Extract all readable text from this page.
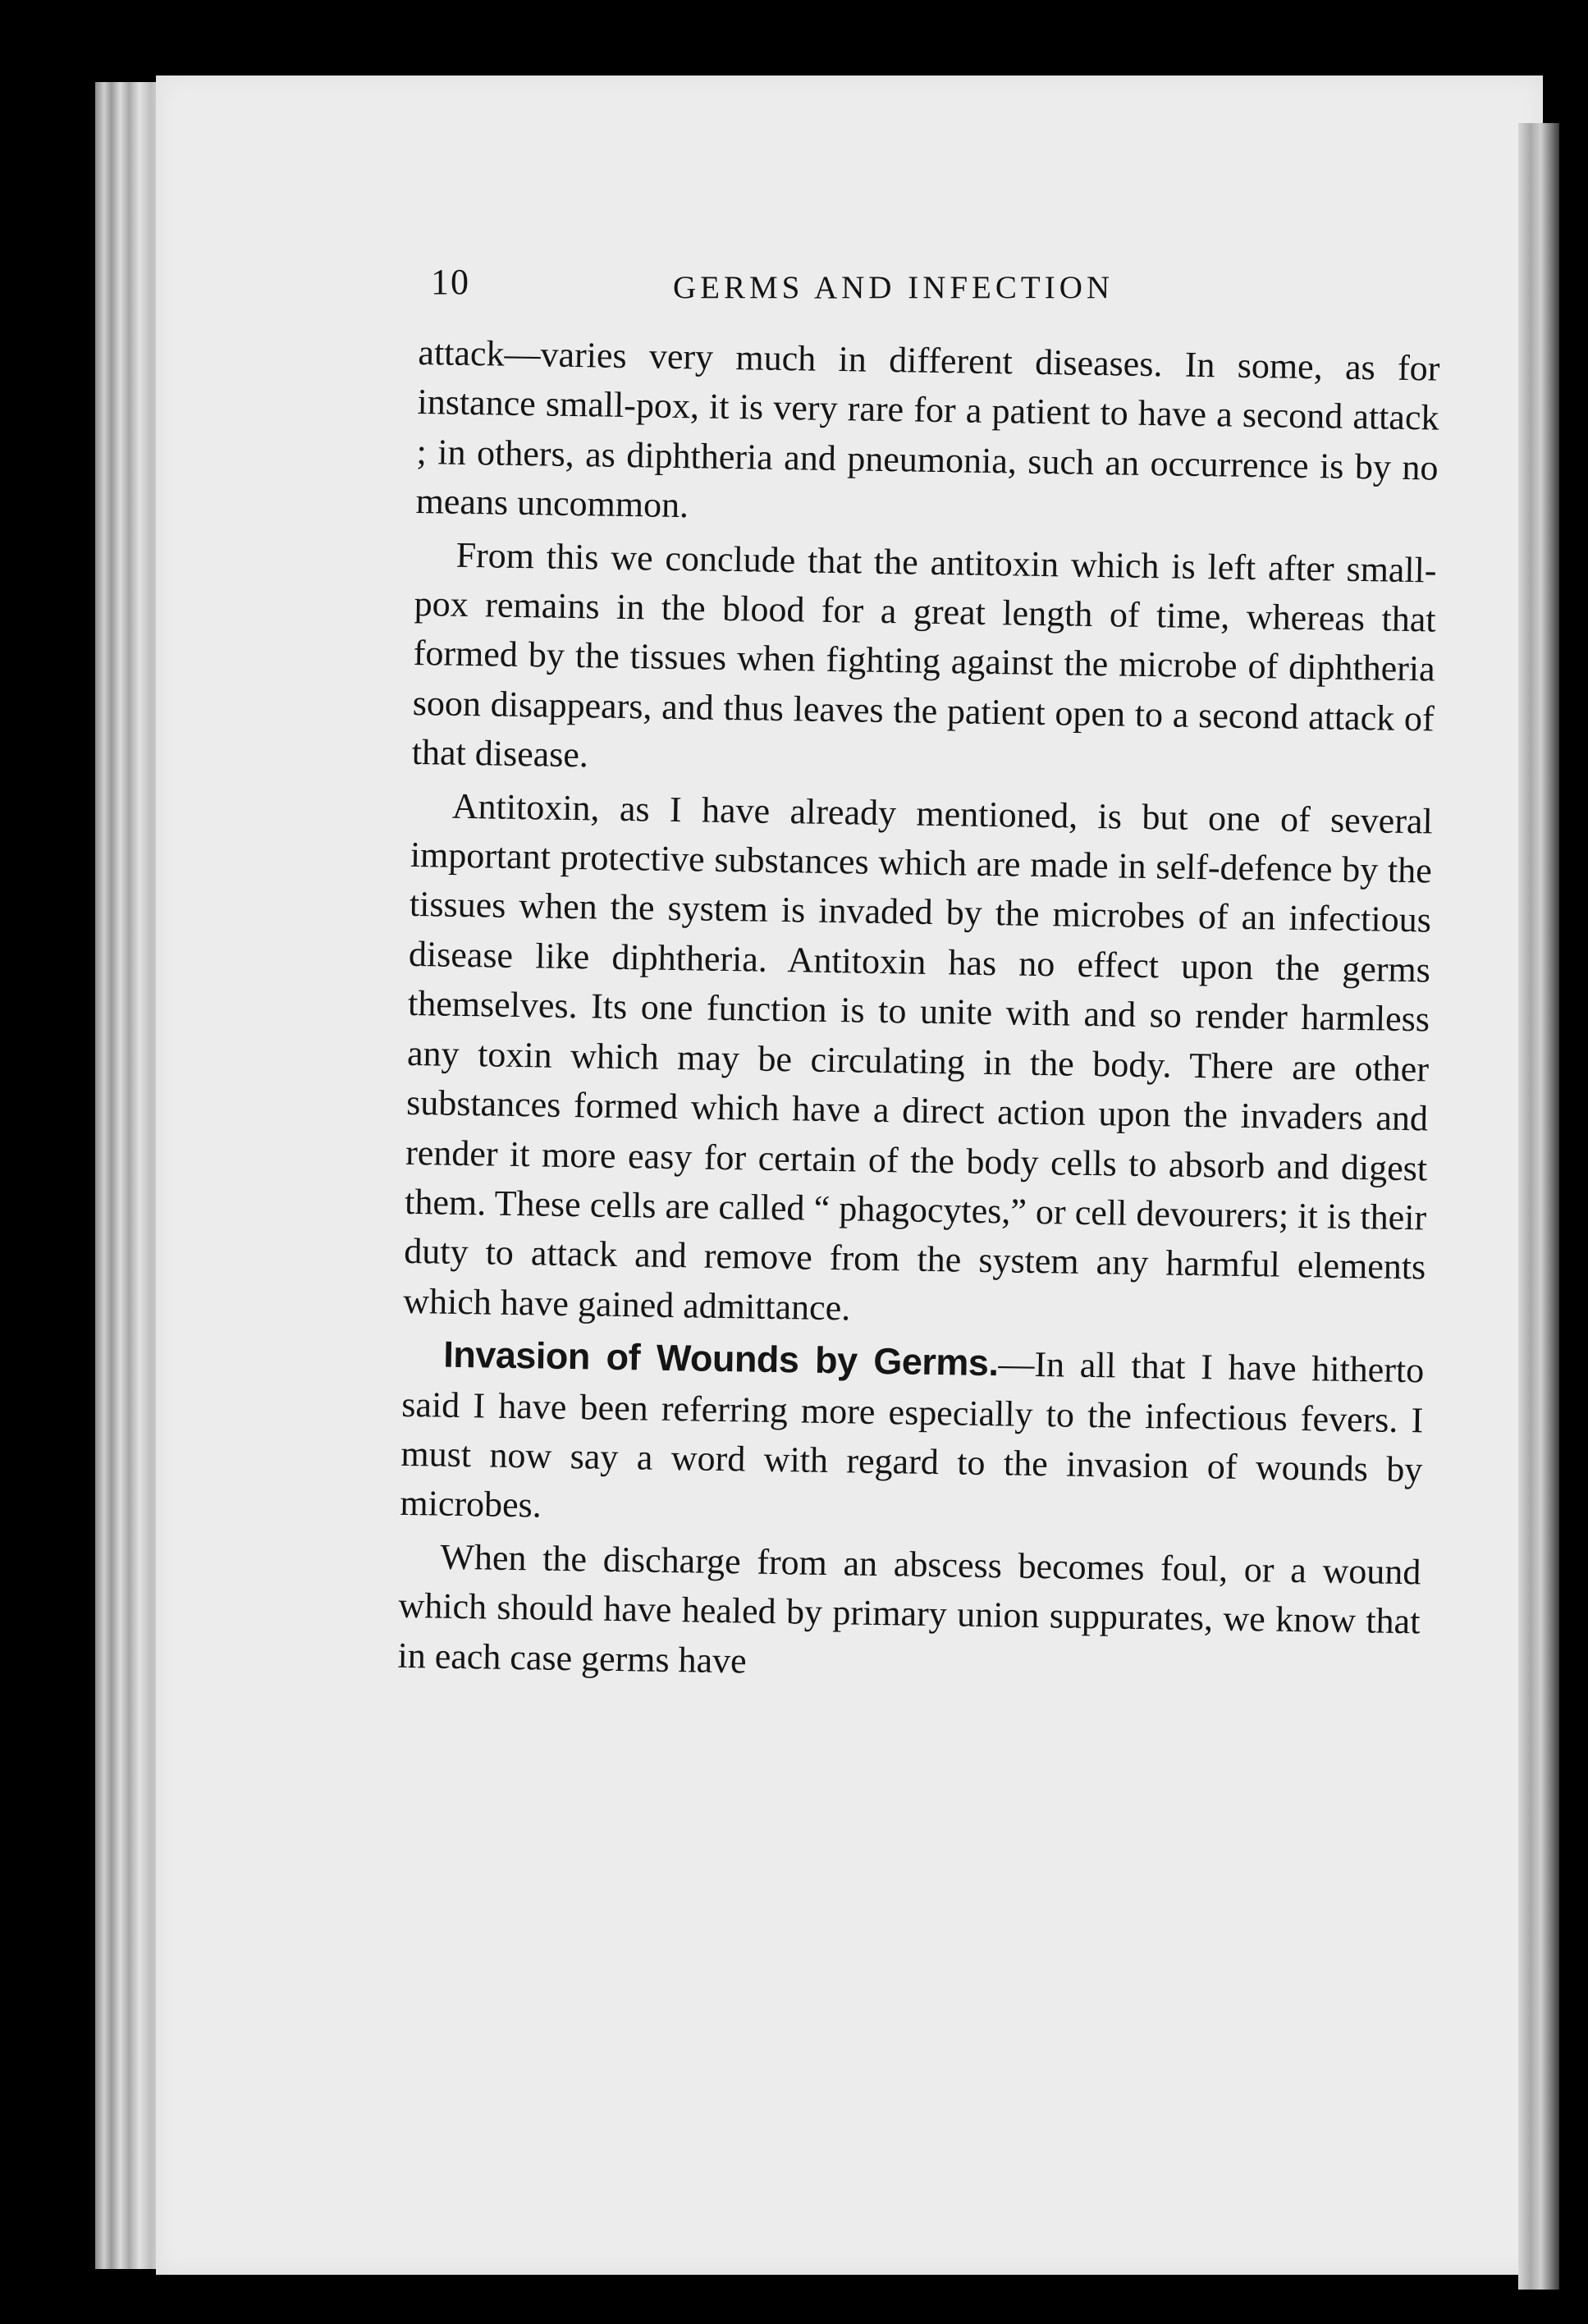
10	GERMS AND INFECTION

attack—varies very much in different diseases. In some, as for instance small-pox, it is very rare for a patient to have a second attack ; in others, as diphtheria and pneumonia, such an occurrence is by no means uncommon.

From this we conclude that the antitoxin which is left after small-pox remains in the blood for a great length of time, whereas that formed by the tissues when fighting against the microbe of diphtheria soon disappears, and thus leaves the patient open to a second attack of that disease.

Antitoxin, as I have already mentioned, is but one of several important protective substances which are made in self-defence by the tissues when the system is invaded by the microbes of an infectious disease like diphtheria. Antitoxin has no effect upon the germs themselves. Its one function is to unite with and so render harmless any toxin which may be circulating in the body. There are other substances formed which have a direct action upon the invaders and render it more easy for certain of the body cells to absorb and digest them. These cells are called “ phagocytes,” or cell devourers; it is their duty to attack and remove from the system any harmful elements which have gained admittance.

Invasion of Wounds by Germs.—In all that I have hitherto said I have been referring more especially to the infectious fevers. I must now say a word with regard to the invasion of wounds by microbes.

When the discharge from an abscess becomes foul, or a wound which should have healed by primary union suppurates, we know that in each case germs have
